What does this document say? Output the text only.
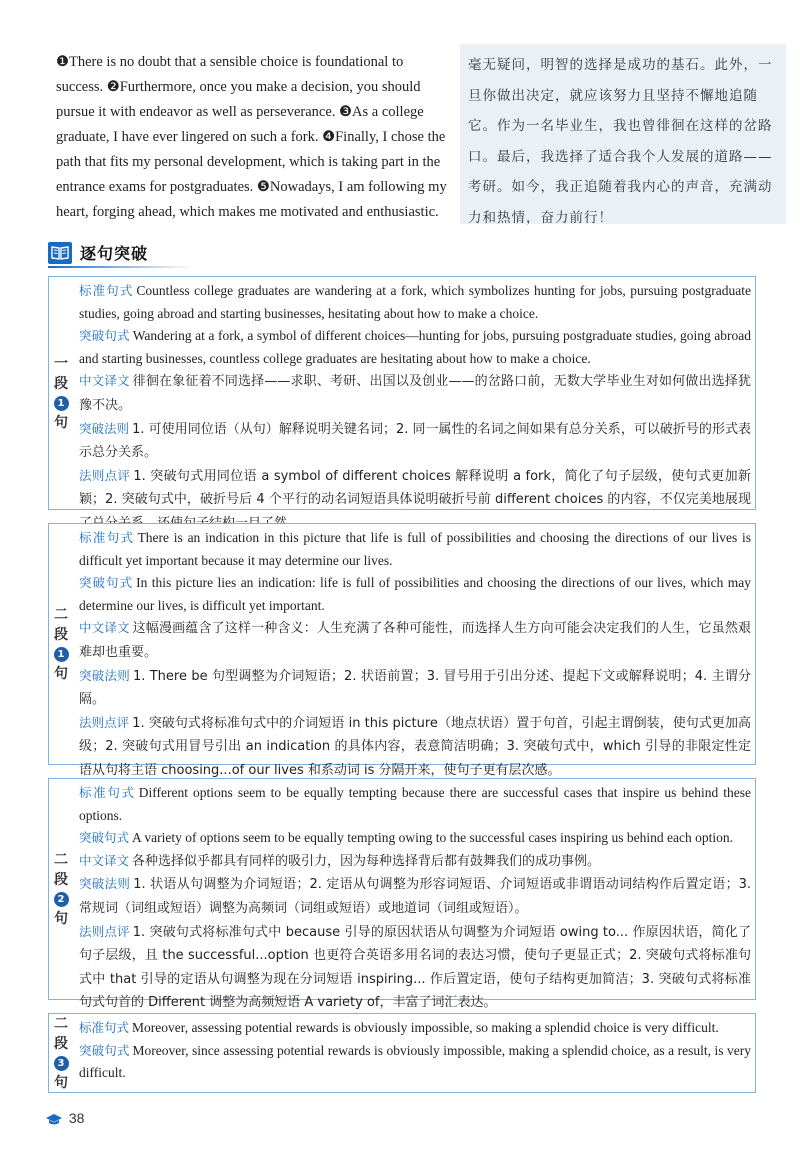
❶There is no doubt that a sensible choice is foundational to success. ❷Furthermore, once you make a decision, you should pursue it with endeavor as well as perseverance. ❸As a college graduate, I have ever lingered on such a fork. ❹Finally, I chose the path that fits my personal development, which is taking part in the entrance exams for postgraduates. ❺Nowadays, I am following my heart, forging ahead, which makes me motivated and enthusiastic.
毫无疑问，明智的选择是成功的基石。此外，一旦你做出决定，就应该努力且坚持不懈地追随它。作为一名毕业生，我也曾徘徊在这样的岔路口。最后，我选择了适合我个人发展的道路——考研。如今，我正追随着我内心的声音，充满动力和热情，奋力前行！
逐句突破
一
段
1
句

标准句式 Countless college graduates are wandering at a fork, which symbolizes hunting for jobs, pursuing postgraduate studies, going abroad and starting businesses, hesitating about how to make a choice.

突破句式 Wandering at a fork, a symbol of different choices—hunting for jobs, pursuing postgraduate studies, going abroad and starting businesses, countless college graduates are hesitating about how to make a choice.

中文译文 徘徊在象征着不同选择——求职、考研、出国以及创业——的岔路口前，无数大学毕业生对如何做出选择犹豫不决。

突破法则 1. 可使用同位语（从句）解释说明关键名词；2. 同一属性的名词之间如果有总分关系，可以破折号的形式表示总分关系。

法则点评 1. 突破句式用同位语 a symbol of different choices 解释说明 a fork，简化了句子层级，使句式更加新颖；2. 突破句式中，破折号后 4 个平行的动名词短语具体说明破折号前 different choices 的内容，不仅完美地展现

二
段
1
句

标准句式 There is an indication in this picture that life is full of possibilities and choosing the directions of our lives is difficult yet important because it may determine our lives.

突破句式 In this picture lies an indication: life is full of possibilities and choosing the directions of our lives, which may determine our lives, is difficult yet important.

中文译文 这幅漫画蕴含了这样一种含义：人生充满了各种可能性，而选择人生方向可能会决定我们的人生，它虽然艰难却也重要。

突破法则 1. There be 句型调整为介词短语；2. 状语前置；3. 冒号用于引出分述、提起下文或解释说明；4. 主谓分隔。

法则点评 1. 突破句式将标准句式中的介词短语 in this picture（地点状语）置于句首，引起主谓倒装，使句式更加高级；2. 突破句式用冒号引出 an indication 的具体内容，表意简洁明确；3. 突破句式中，which 引导的非限定性定语从句将主语 choosing...of our lives 和系动词 is 分隔开来，使句子更有层次感。

二
段
2
句

标准句式 Different options seem to be equally tempting because there are successful cases that inspire us behind these options.

突破句式 A variety of options seem to be equally tempting owing to the successful cases inspiring us behind each option.

中文译文 各种选择似乎都具有同样的吸引力，因为每种选择背后都有鼓舞我们的成功事例。

突破法则 1. 状语从句调整为介词短语；2. 定语从句调整为形容词短语、介词短语或非谓语动词结构作后置定语；3. 常规词（词组或短语）调整为高频词（词组或短语）或地道词（词组或短语）。

法则点评 1. 突破句式将标准句式中 because 引导的原因状语从句调整为介词短语 owing to... 作原因状语，简化了句子层级，且 the successful...option 也更符合英语多用名词的表达习惯，使句子更显正式；2. 突破句式将标准句式中 that 引导的定语从句调整为现在分词短语 inspiring... 作后置定语，使句子结构更加简洁；3. 突破句式将标准句式句首的 Different 调整为高频短语 A variety of，丰富了词汇表达。

二
段
3
句

标准句式 Moreover, assessing potential rewards is obviously impossible, so making a splendid choice is very difficult.

突破句式 Moreover, since assessing potential rewards is obviously impossible, making a splendid choice, as a result, is very difficult.

38
